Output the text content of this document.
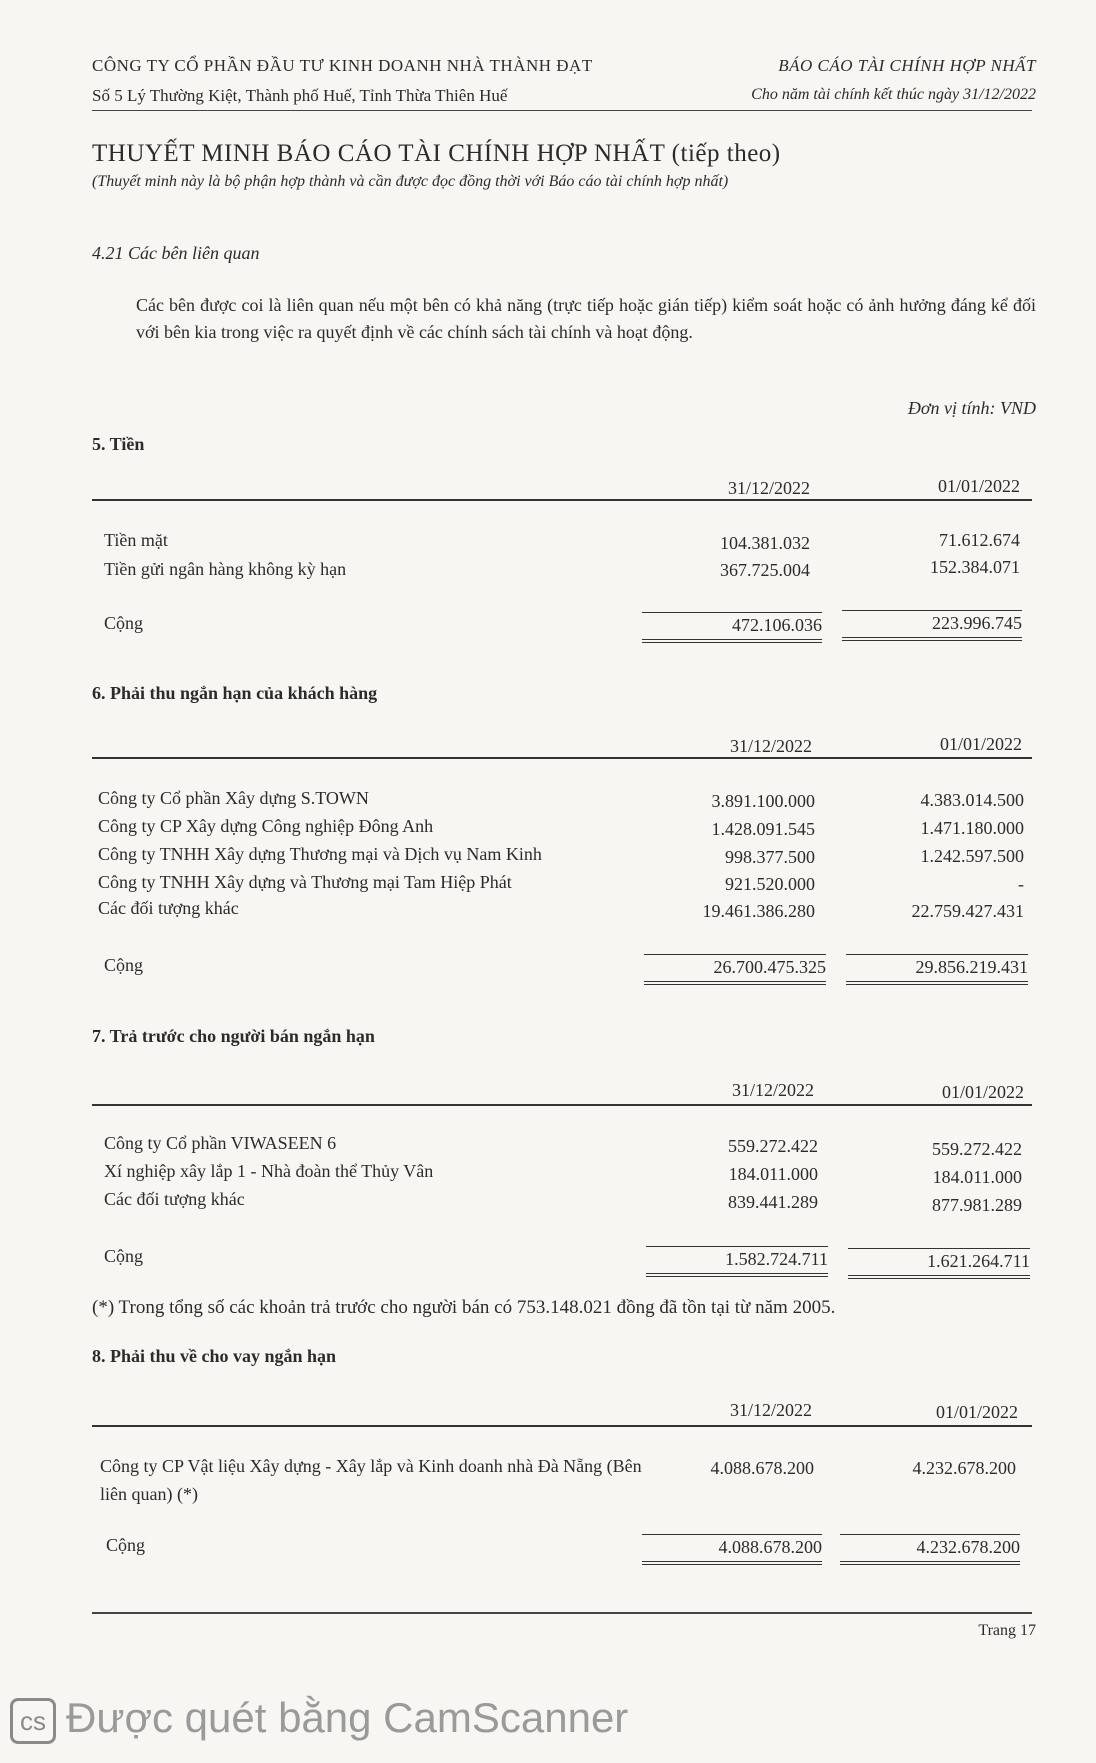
CÔNG TY CỔ PHẦN ĐẦU TƯ KINH DOANH NHÀ THÀNH ĐẠT
Số 5 Lý Thường Kiệt, Thành phố Huế, Tỉnh Thừa Thiên Huế
BÁO CÁO TÀI CHÍNH HỢP NHẤT
Cho năm tài chính kết thúc ngày 31/12/2022
THUYẾT MINH BÁO CÁO TÀI CHÍNH HỢP NHẤT (tiếp theo)
(Thuyết minh này là bộ phận hợp thành và cần được đọc đồng thời với Báo cáo tài chính hợp nhất)
4.21 Các bên liên quan
Các bên được coi là liên quan nếu một bên có khả năng (trực tiếp hoặc gián tiếp) kiểm soát hoặc có ảnh hưởng đáng kể đối với bên kia trong việc ra quyết định về các chính sách tài chính và hoạt động.
Đơn vị tính: VND
5. Tiền
31/12/2022	01/01/2022
Tiền mặt	104.381.032	71.612.674
Tiền gửi ngân hàng không kỳ hạn	367.725.004	152.384.071
Cộng	472.106.036	223.996.745
6. Phải thu ngắn hạn của khách hàng
31/12/2022	01/01/2022
Công ty Cổ phần Xây dựng S.TOWN	3.891.100.000	4.383.014.500
Công ty CP Xây dựng Công nghiệp Đông Anh	1.428.091.545	1.471.180.000
Công ty TNHH Xây dựng Thương mại và Dịch vụ Nam Kinh	998.377.500	1.242.597.500
Công ty TNHH Xây dựng và Thương mại Tam Hiệp Phát	921.520.000	-
Các đối tượng khác	19.461.386.280	22.759.427.431
Cộng	26.700.475.325	29.856.219.431
7. Trả trước cho người bán ngắn hạn
31/12/2022	01/01/2022
Công ty Cổ phần VIWASEEN 6	559.272.422	559.272.422
Xí nghiệp xây lắp 1 - Nhà đoàn thể Thủy Vân	184.011.000	184.011.000
Các đối tượng khác	839.441.289	877.981.289
Cộng	1.582.724.711	1.621.264.711
(*) Trong tổng số các khoản trả trước cho người bán có 753.148.021 đồng đã tồn tại từ năm 2005.
8. Phải thu về cho vay ngắn hạn
31/12/2022	01/01/2022
Công ty CP Vật liệu Xây dựng - Xây lắp và Kinh doanh nhà Đà Nẵng (Bên liên quan) (*)
4.088.678.200	4.232.678.200
Cộng	4.088.678.200	4.232.678.200
Trang 17
cs Được quét bằng CamScanner
